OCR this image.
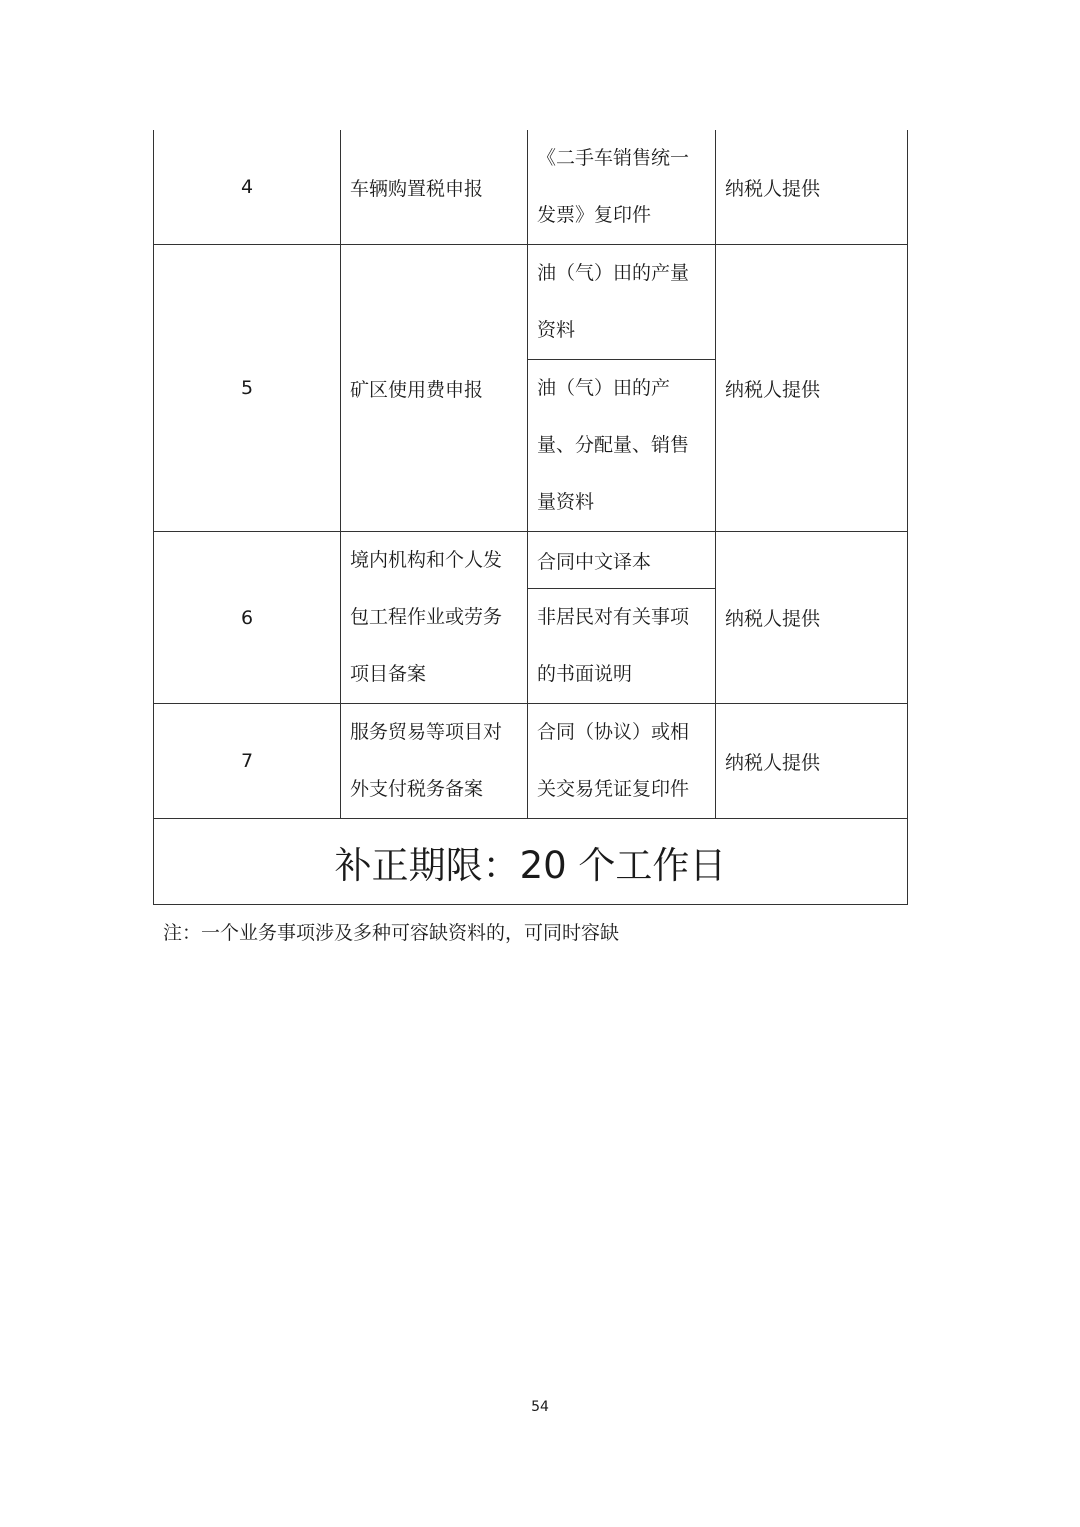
4	车辆购置税申报	《二手车销售统一发票》复印件	纳税人提供
5	矿区使用费申报	油（气）田的产量资料	纳税人提供
		油（气）田的产量、分配量、销售量资料	
6	境内机构和个人发包工程作业或劳务项目备案	合同中文译本	纳税人提供
		非居民对有关事项的书面说明	
7	服务贸易等项目对外支付税务备案	合同（协议）或相关交易凭证复印件	纳税人提供
补正期限：20 个工作日			
注：一个业务事项涉及多种可容缺资料的，可同时容缺
54
